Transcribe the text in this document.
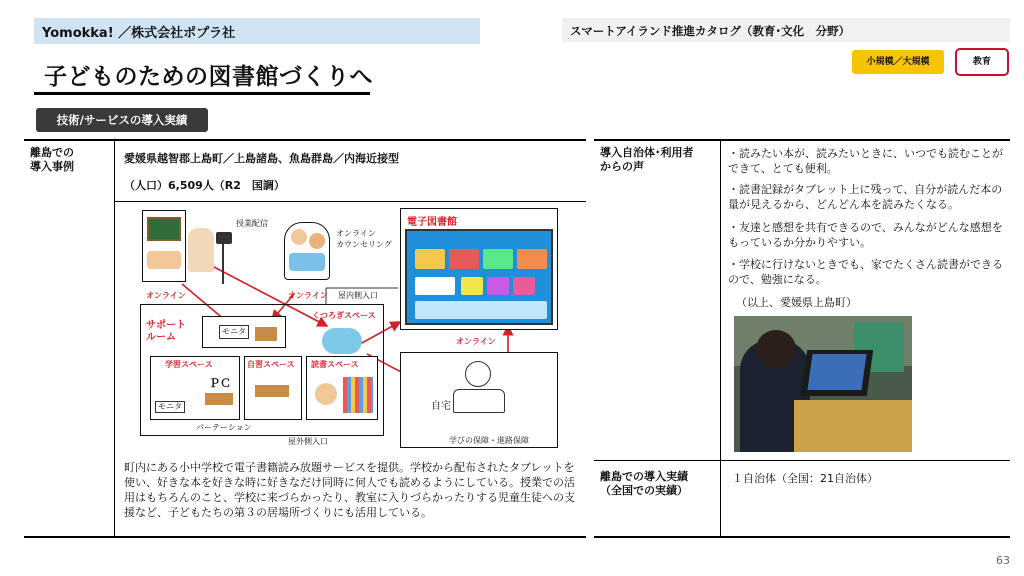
Yomokka! ／株式会社ポプラ社	スマートアイランド推進カタログ（教育･文化　分野）
子どものための図書館づくりへ
小規模／大規模	教育
技術/サービスの導入実績
離島での
導入事例
愛媛県越智郡上島町／上島諸島、魚島群島／内海近接型
（人口）6,509人（R2　国調）
授業配信
オンライン
カウンセリング
オンライン	オンライン 屋内側入口
サポート
ルーム
モニタ
くつろぎスペース
学習スペース
ＰＣ
モニタ
自習スペース 読書スペース
パーテーション
屋外側入口
電子図書館
オンライン
自宅
学びの保障・進路保障
町内にある小中学校で電子書籍読み放題サービスを提供。学校から配布されたタブレットを使い、好きな本を好きな時に好きなだけ同時に何人でも読めるようにしている。授業での活用はもちろんのこと、学校に来づらかったり、教室に入りづらかったりする児童生徒への支援など、子どもたちの第３の居場所づくりにも活用している。
導入自治体･利用者
からの声
・読みたい本が、読みたいときに、いつでも読むことができて、とても便利。
・読書記録がタブレット上に残って、自分が読んだ本の量が見えるから、どんどん本を読みたくなる。
・友達と感想を共有できるので、みんながどんな感想をもっているか分かりやすい。
・学校に行けないときでも、家でたくさん読書ができるので、勉強になる。
（以上、愛媛県上島町）
離島での導入実績
（全国での実績）
１自治体（全国：21自治体）
63
